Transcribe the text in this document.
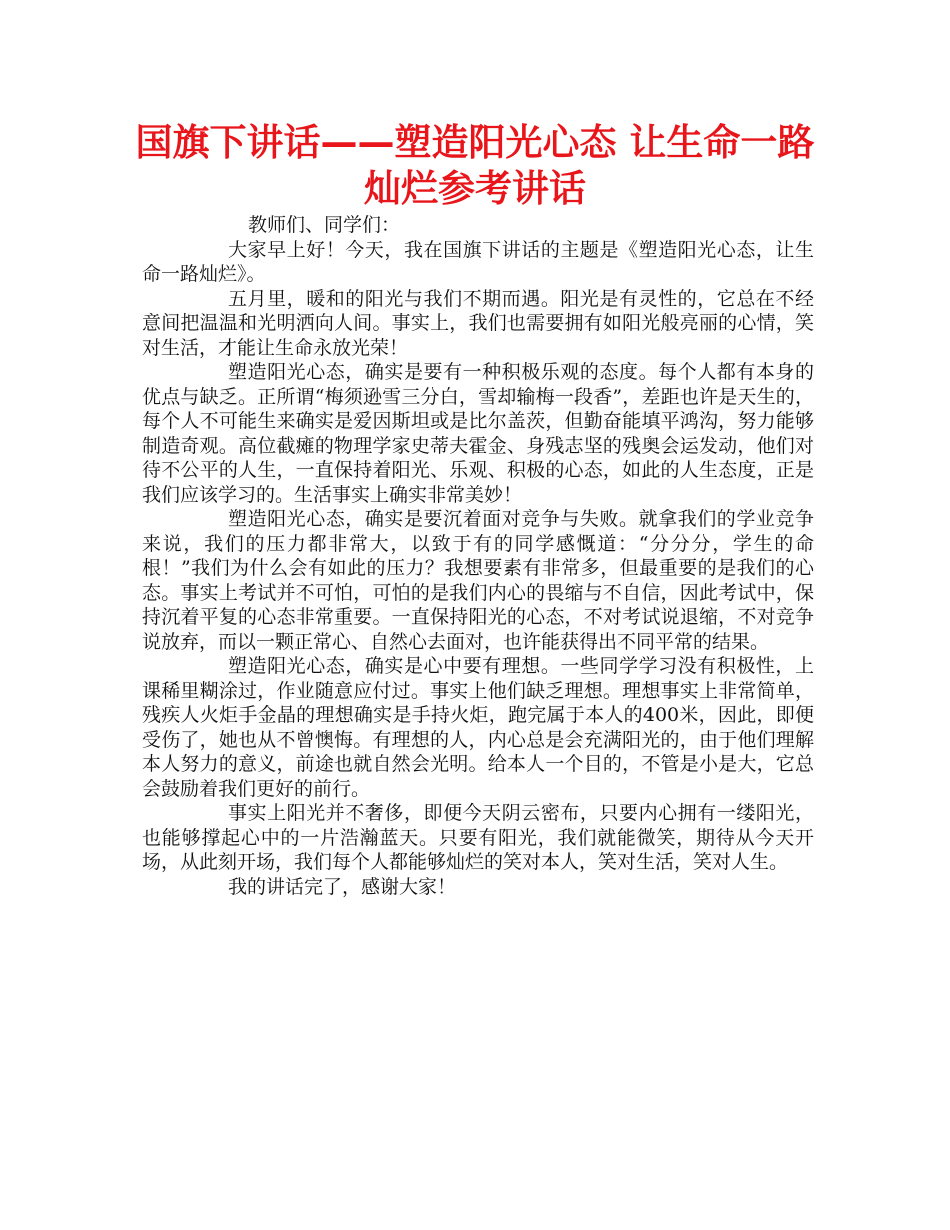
国旗下讲话——塑造阳光心态 让生命一路
灿烂参考讲话

教师们、同学们：

大家早上好！今天，我在国旗下讲话的主题是《塑造阳光心态，让生命一路灿烂》。

五月里，暖和的阳光与我们不期而遇。阳光是有灵性的，它总在不经意间把温温和光明洒向人间。事实上，我们也需要拥有如阳光般亮丽的心情，笑对生活，才能让生命永放光荣！

塑造阳光心态，确实是要有一种积极乐观的态度。每个人都有本身的优点与缺乏。正所谓“梅须逊雪三分白，雪却输梅一段香”，差距也许是天生的，每个人不可能生来确实是爱因斯坦或是比尔盖茨，但勤奋能填平鸿沟，努力能够制造奇观。高位截瘫的物理学家史蒂夫霍金、身残志坚的残奥会运发动，他们对待不公平的人生，一直保持着阳光、乐观、积极的心态，如此的人生态度，正是我们应该学习的。生活事实上确实非常美妙！

塑造阳光心态，确实是要沉着面对竞争与失败。就拿我们的学业竞争来说，我们的压力都非常大，以致于有的同学感慨道：“分分分，学生的命根！”我们为什么会有如此的压力？我想要素有非常多，但最重要的是我们的心态。事实上考试并不可怕，可怕的是我们内心的畏缩与不自信，因此考试中，保持沉着平复的心态非常重要。一直保持阳光的心态，不对考试说退缩，不对竞争说放弃，而以一颗正常心、自然心去面对，也许能获得出不同平常的结果。

塑造阳光心态，确实是心中要有理想。一些同学学习没有积极性，上课稀里糊涂过，作业随意应付过。事实上他们缺乏理想。理想事实上非常简单，残疾人火炬手金晶的理想确实是手持火炬，跑完属于本人的400米，因此，即便受伤了，她也从不曾懊悔。有理想的人，内心总是会充满阳光的，由于他们理解本人努力的意义，前途也就自然会光明。给本人一个目的，不管是小是大，它总会鼓励着我们更好的前行。

事实上阳光并不奢侈，即便今天阴云密布，只要内心拥有一缕阳光，也能够撑起心中的一片浩瀚蓝天。只要有阳光，我们就能微笑，期待从今天开场，从此刻开场，我们每个人都能够灿烂的笑对本人，笑对生活，笑对人生。

我的讲话完了，感谢大家！
